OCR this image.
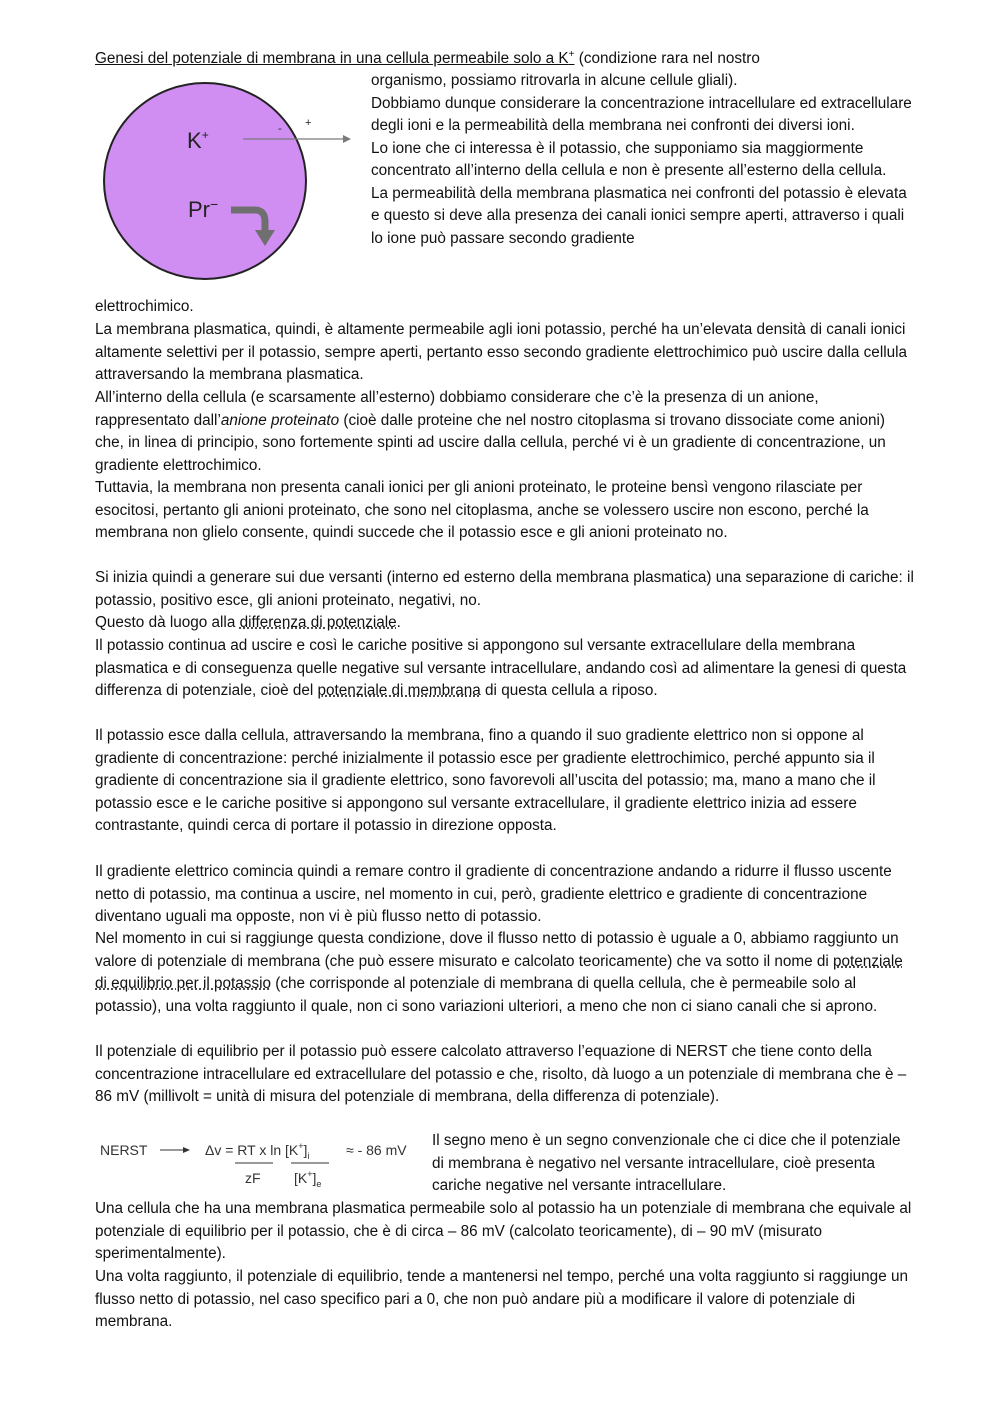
Genesi del potenziale di membrana in una cellula permeabile solo a K+ (condizione rara nel nostro

K+	- +
Pr−
organismo, possiamo ritrovarla in alcune cellule gliali).
Dobbiamo dunque considerare la concentrazione intracellulare ed extracellulare degli ioni e la permeabilità della membrana nei confronti dei diversi ioni.
Lo ione che ci interessa è il potassio, che supponiamo sia maggiormente concentrato all’interno della cellula e non è presente all’esterno della cellula.
La permeabilità della membrana plasmatica nei confronti del potassio è elevata e questo si deve alla presenza dei canali ionici sempre aperti, attraverso i quali lo ione può passare secondo gradiente

elettrochimico.

La membrana plasmatica, quindi, è altamente permeabile agli ioni potassio, perché ha un’elevata densità di canali ionici altamente selettivi per il potassio, sempre aperti, pertanto esso secondo gradiente elettrochimico può uscire dalla cellula attraversando la membrana plasmatica.

All’interno della cellula (e scarsamente all’esterno) dobbiamo considerare che c’è la presenza di un anione, rappresentato dall’anione proteinato (cioè dalle proteine che nel nostro citoplasma si trovano dissociate come anioni) che, in linea di principio, sono fortemente spinti ad uscire dalla cellula, perché vi è un gradiente di concentrazione, un gradiente elettrochimico.

Tuttavia, la membrana non presenta canali ionici per gli anioni proteinato, le proteine bensì vengono rilasciate per esocitosi, pertanto gli anioni proteinato, che sono nel citoplasma, anche se volessero uscire non escono, perché la membrana non glielo consente, quindi succede che il potassio esce e gli anioni proteinato no.

Si inizia quindi a generare sui due versanti (interno ed esterno della membrana plasmatica) una separazione di cariche: il potassio, positivo esce, gli anioni proteinato, negativi, no.

Questo dà luogo alla differenza di potenziale.

Il potassio continua ad uscire e così le cariche positive si appongono sul versante extracellulare della membrana plasmatica e di conseguenza quelle negative sul versante intracellulare, andando così ad alimentare la genesi di questa differenza di potenziale, cioè del potenziale di membrana di questa cellula a riposo.

Il potassio esce dalla cellula, attraversando la membrana, fino a quando il suo gradiente elettrico non si oppone al gradiente di concentrazione: perché inizialmente il potassio esce per gradiente elettrochimico, perché appunto sia il gradiente di concentrazione sia il gradiente elettrico, sono favorevoli all’uscita del potassio; ma, mano a mano che il potassio esce e le cariche positive si appongono sul versante extracellulare, il gradiente elettrico inizia ad essere contrastante, quindi cerca di portare il potassio in direzione opposta.

Il gradiente elettrico comincia quindi a remare contro il gradiente di concentrazione andando a ridurre il flusso uscente netto di potassio, ma continua a uscire, nel momento in cui, però, gradiente elettrico e gradiente di concentrazione diventano uguali ma opposte, non vi è più flusso netto di potassio.

Nel momento in cui si raggiunge questa condizione, dove il flusso netto di potassio è uguale a 0, abbiamo raggiunto un valore di potenziale di membrana (che può essere misurato e calcolato teoricamente) che va sotto il nome di potenziale di equilibrio per il potassio (che corrisponde al potenziale di membrana di quella cellula, che è permeabile solo al potassio), una volta raggiunto il quale, non ci sono variazioni ulteriori, a meno che non ci siano canali che si aprono.

Il potenziale di equilibrio per il potassio può essere calcolato attraverso l’equazione di NERST che tiene conto della concentrazione intracellulare ed extracellulare del potassio e che, risolto, dà luogo a un potenziale di membrana che è – 86 mV (millivolt = unità di misura del potenziale di membrana, della differenza di potenziale).

NERST	Δv = RT x $\ln [K^+]_i$	≈ - 86 mV
zF $[K^+]_e$
Il segno meno è un segno convenzionale che ci dice che il potenziale di membrana è negativo nel versante intracellulare, cioè presenta cariche negative nel versante intracellulare.

Una cellula che ha una membrana plasmatica permeabile solo al potassio ha un potenziale di membrana che equivale al potenziale di equilibrio per il potassio, che è di circa – 86 mV (calcolato teoricamente), di – 90 mV (misurato sperimentalmente).

Una volta raggiunto, il potenziale di equilibrio, tende a mantenersi nel tempo, perché una volta raggiunto si raggiunge un flusso netto di potassio, nel caso specifico pari a 0, che non può andare più a modificare il valore di potenziale di membrana.
